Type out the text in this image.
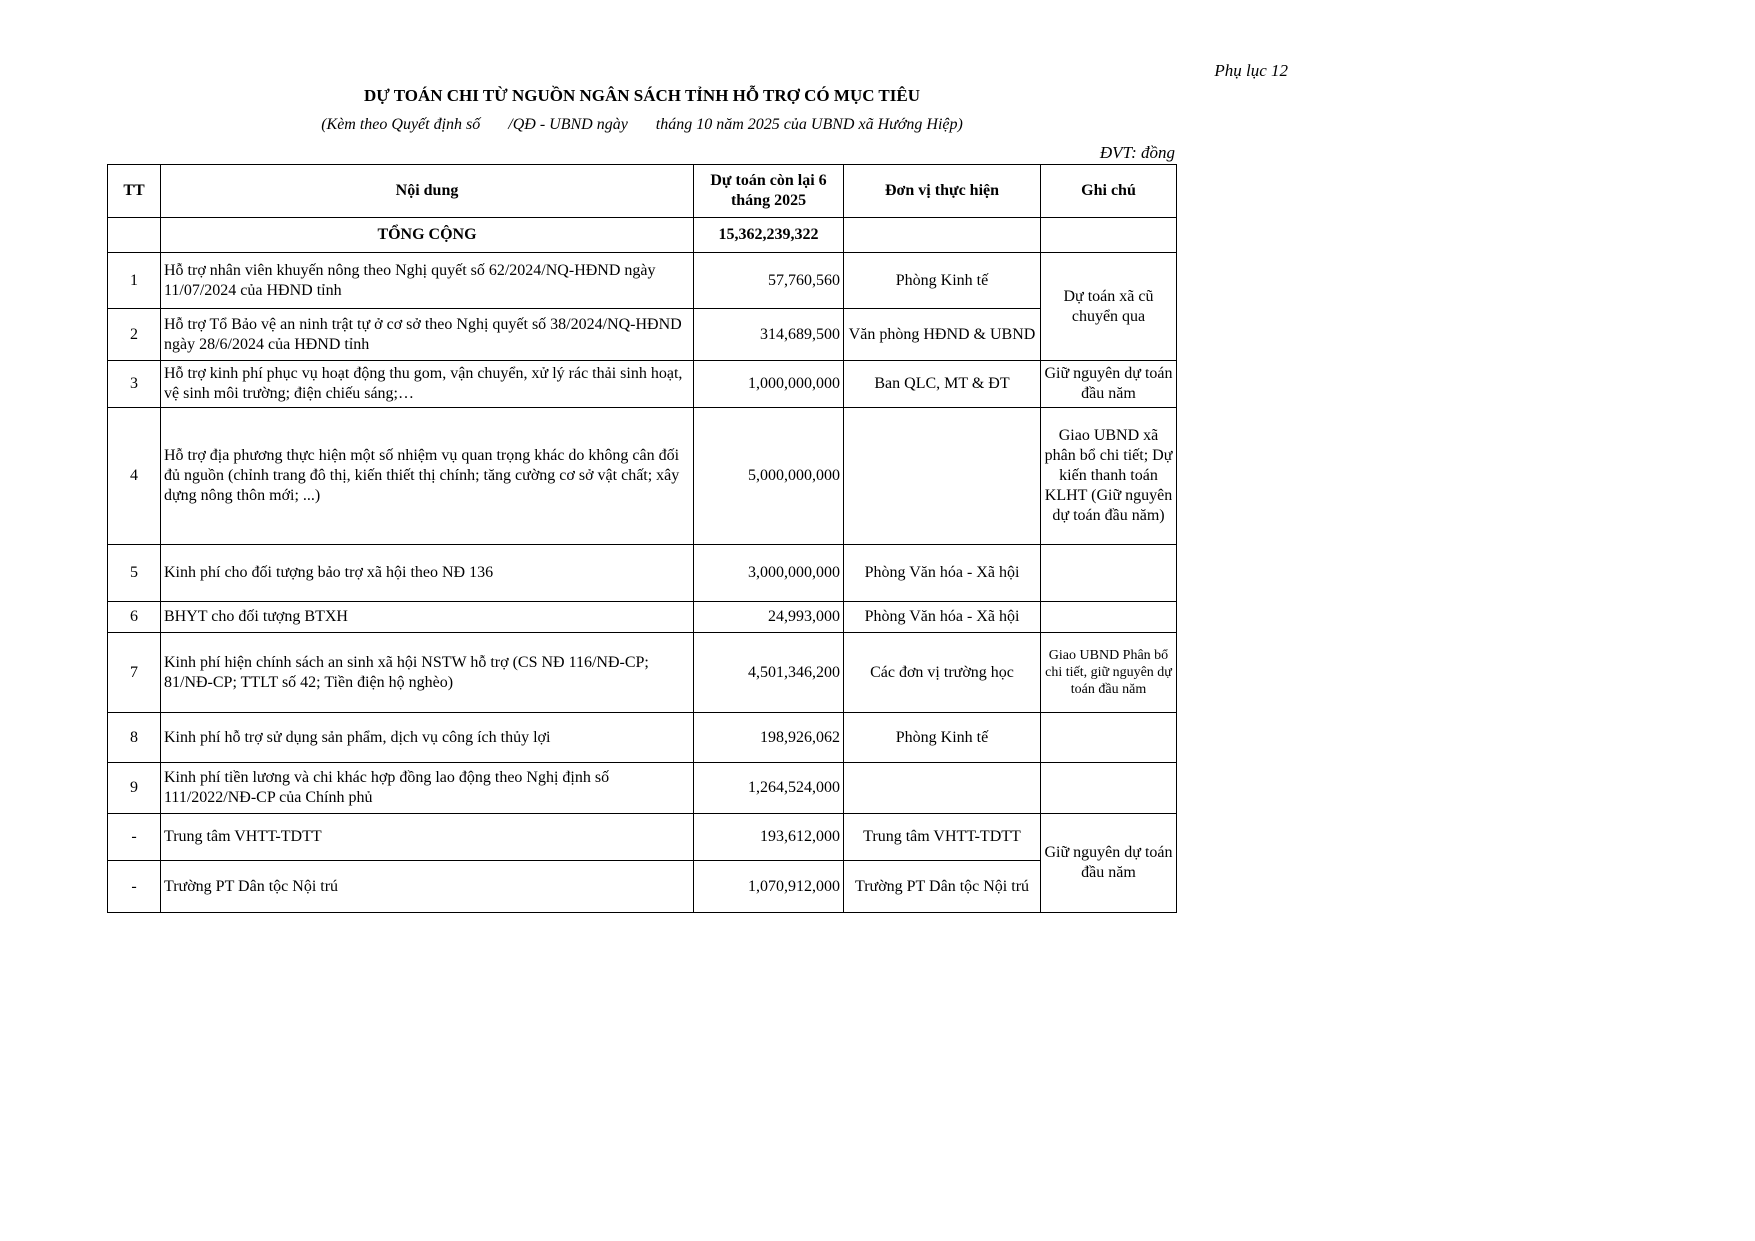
Phụ lục 12
DỰ TOÁN CHI TỪ NGUỒN NGÂN SÁCH TỈNH HỖ TRỢ CÓ MỤC TIÊU
(Kèm theo Quyết định số       /QĐ - UBND ngày       tháng 10 năm 2025 của UBND xã Hướng Hiệp)
ĐVT: đồng
TT	Nội dung	Dự toán còn lại 6 tháng 2025	Đơn vị thực hiện	Ghi chú
	TỔNG CỘNG	15,362,239,322		
1	Hỗ trợ nhân viên khuyến nông theo Nghị quyết số 62/2024/NQ-HĐND ngày 11/07/2024 của HĐND tỉnh	57,760,560	Phòng Kinh tế	Dự toán xã cũ chuyển qua
2	Hỗ trợ Tổ Bảo vệ an ninh trật tự ở cơ sở theo Nghị quyết số 38/2024/NQ-HĐND ngày 28/6/2024 của HĐND tỉnh	314,689,500	Văn phòng HĐND & UBND	
3	Hỗ trợ kinh phí phục vụ hoạt động thu gom, vận chuyển, xử lý rác thải sinh hoạt, vệ sinh môi trường; điện chiếu sáng;…	1,000,000,000	Ban QLC, MT & ĐT	Giữ nguyên dự toán đầu năm
4	Hỗ trợ địa phương thực hiện một số nhiệm vụ quan trọng khác do không cân đối đủ nguồn (chỉnh trang đô thị, kiến thiết thị chính; tăng cường cơ sở vật chất; xây dựng nông thôn mới; ...)	5,000,000,000		Giao UBND xã phân bổ chi tiết; Dự kiến thanh toán KLHT (Giữ nguyên dự toán đầu năm)
5	Kinh phí cho đối tượng bảo trợ xã hội theo NĐ 136	3,000,000,000	Phòng Văn hóa - Xã hội	
6	BHYT cho đối tượng BTXH	24,993,000	Phòng Văn hóa - Xã hội	
7	Kinh phí hiện chính sách an sinh xã hội NSTW hỗ trợ (CS NĐ 116/NĐ-CP; 81/NĐ-CP; TTLT số 42; Tiền điện hộ nghèo)	4,501,346,200	Các đơn vị trường học	Giao UBND Phân bổ chi tiết, giữ nguyên dự toán đầu năm
8	Kinh phí hỗ trợ sử dụng sản phẩm, dịch vụ công ích thủy lợi	198,926,062	Phòng Kinh tế	
9	Kinh phí tiền lương và chi khác hợp đồng lao động theo Nghị định số 111/2022/NĐ-CP của Chính phủ	1,264,524,000		
-	Trung tâm VHTT-TDTT	193,612,000	Trung tâm VHTT-TDTT	Giữ nguyên dự toán đầu năm
-	Trường PT Dân tộc Nội trú	1,070,912,000	Trường PT Dân tộc Nội trú	
